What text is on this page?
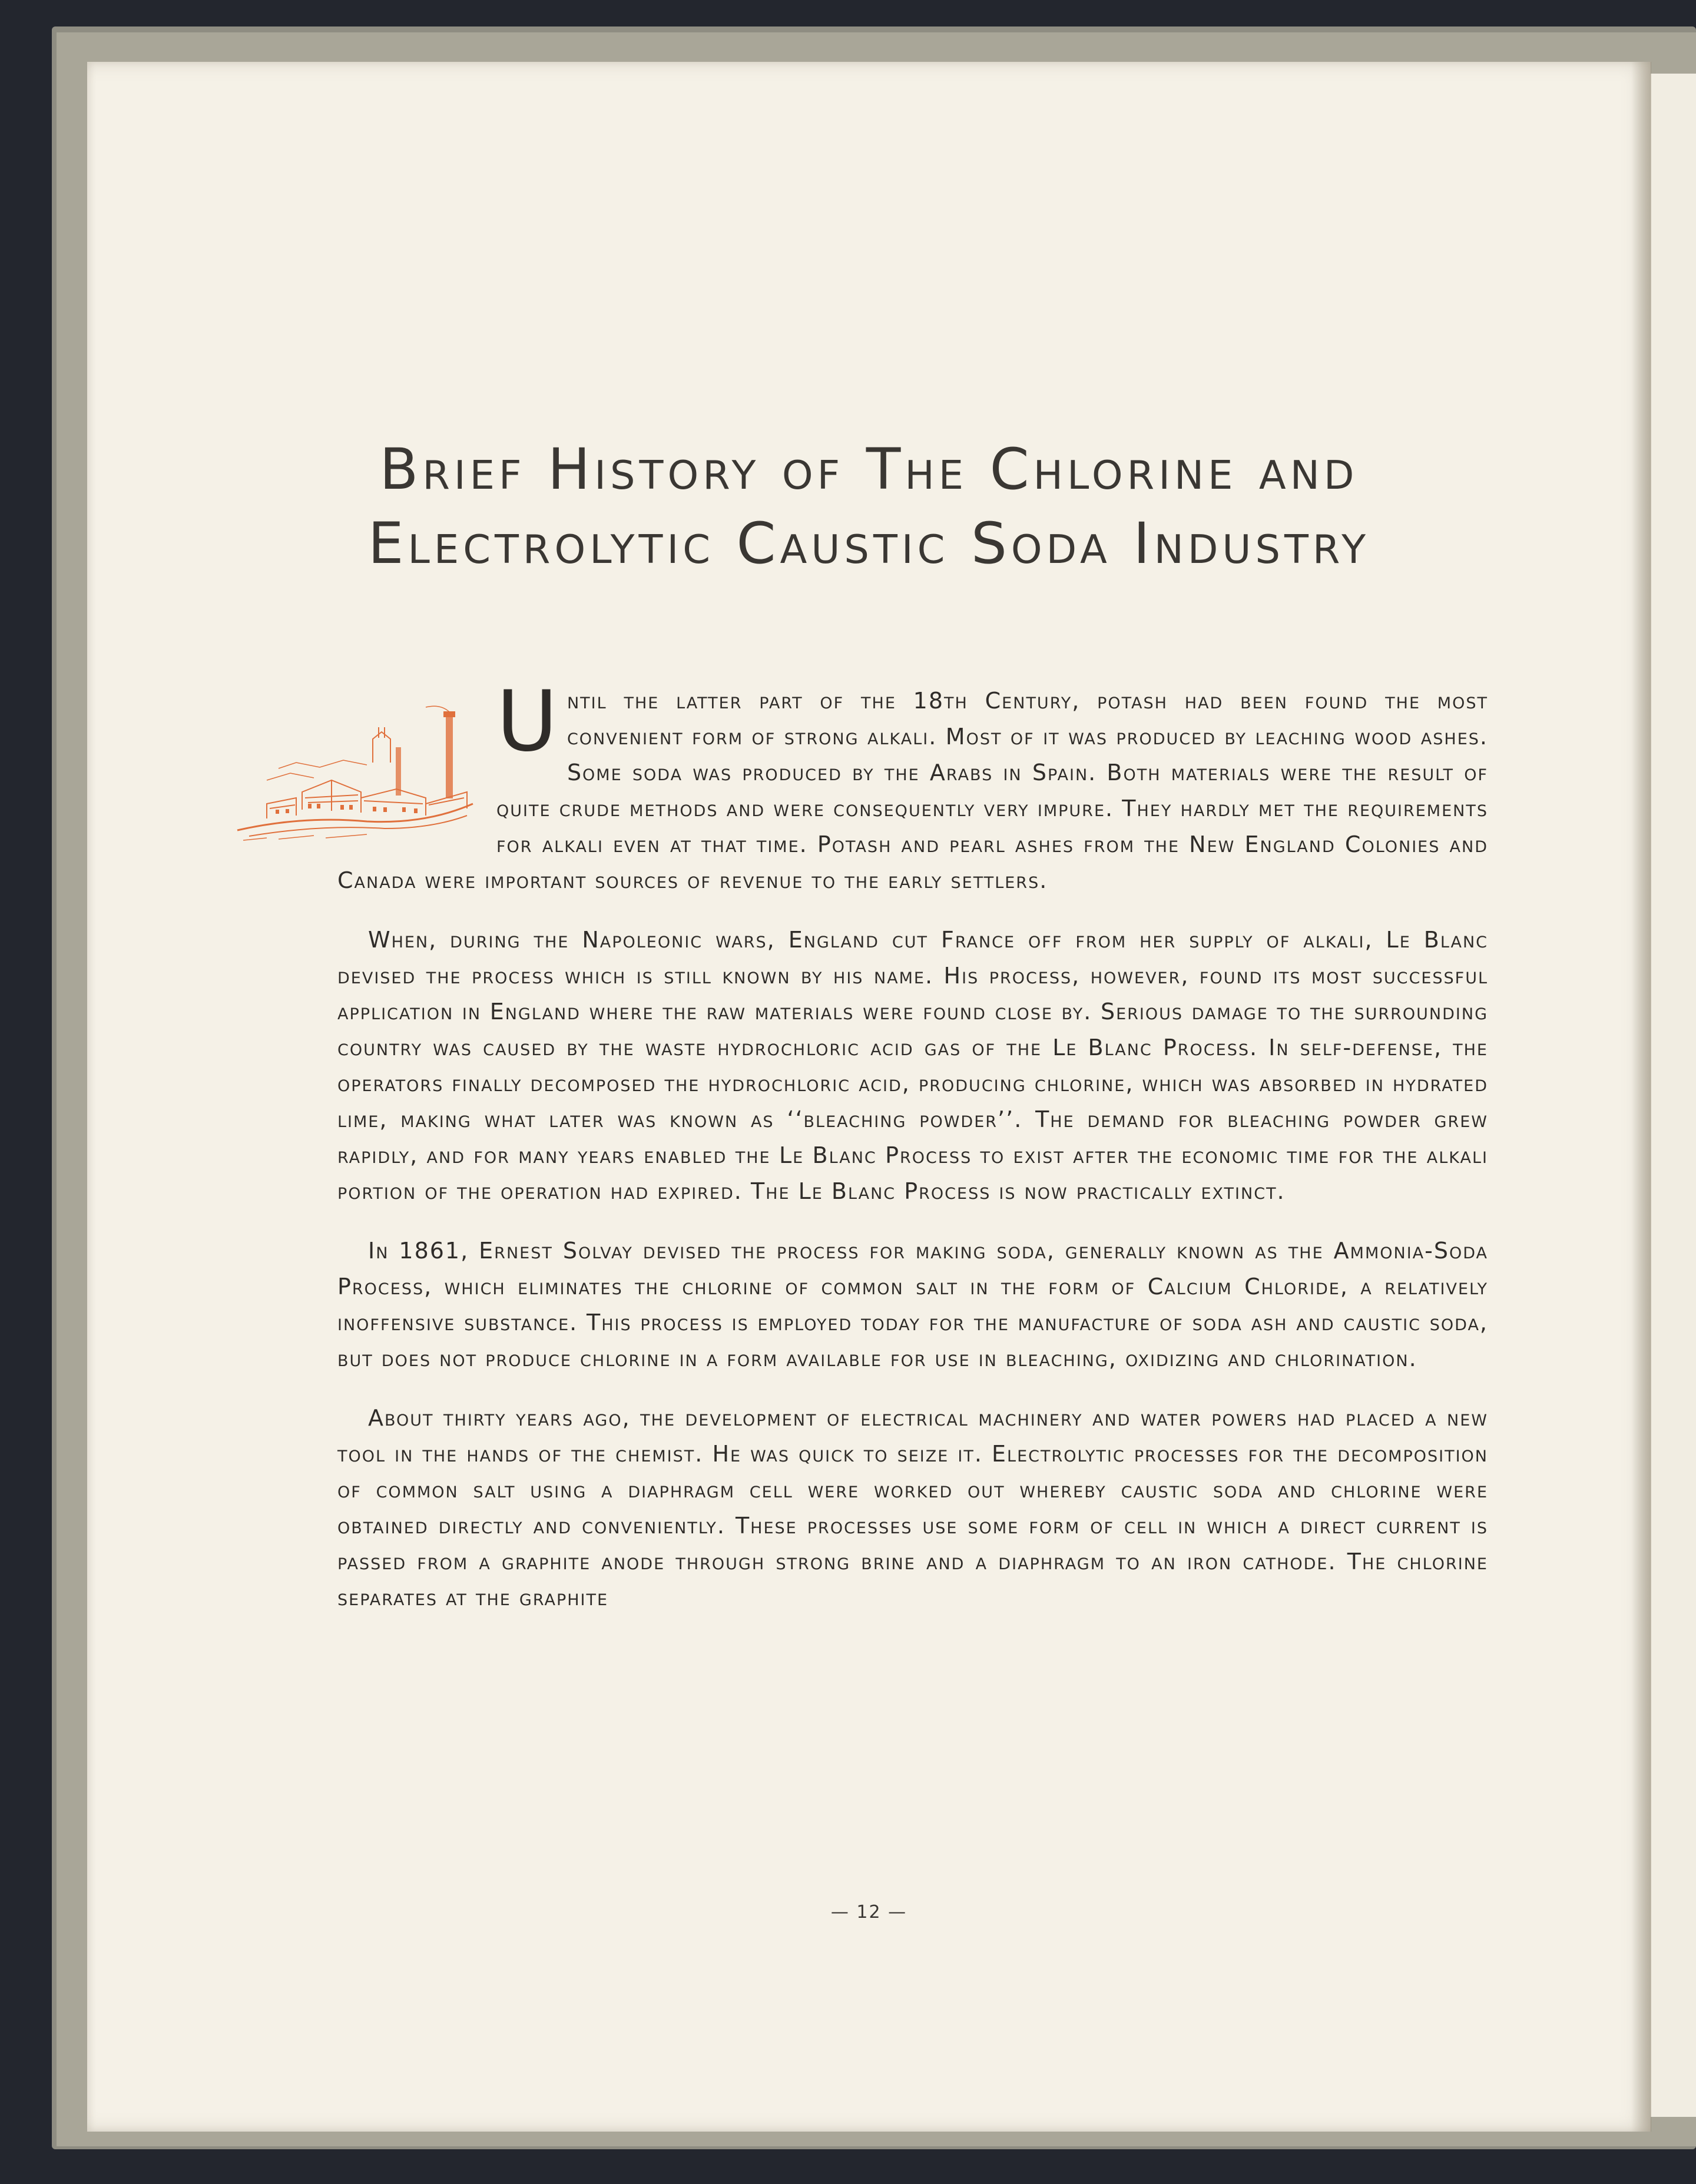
Brief History of The Chlorine and
Electrolytic Caustic Soda Industry
U ntil the latter part of the 18th Century, potash had been found the most convenient form of strong alkali. Most of it was produced by leaching wood ashes. Some soda was produced by the Arabs in Spain. Both materials were the result of quite crude methods and were consequently very impure. They hardly met the requirements for alkali even at that time. Potash and pearl ashes from the New England Colonies and Canada were important sources of revenue to the early settlers.

When, during the Napoleonic wars, England cut France off from her supply of alkali, Le Blanc devised the process which is still known by his name. His process, however, found its most successful application in England where the raw materials were found close by. Serious damage to the surrounding country was caused by the waste hydrochloric acid gas of the Le Blanc Process. In self-defense, the operators finally decomposed the hydrochloric acid, producing chlorine, which was absorbed in hydrated lime, making what later was known as ‘‘bleaching powder’’. The demand for bleaching powder grew rapidly, and for many years enabled the Le Blanc Process to exist after the economic time for the alkali portion of the operation had expired. The Le Blanc Process is now practically extinct.

In 1861, Ernest Solvay devised the process for making soda, generally known as the Ammonia-Soda Process, which eliminates the chlorine of common salt in the form of Calcium Chloride, a relatively inoffensive substance. This process is employed today for the manufacture of soda ash and caustic soda, but does not produce chlorine in a form available for use in bleaching, oxidizing and chlorination.

About thirty years ago, the development of electrical machinery and water powers had placed a new tool in the hands of the chemist. He was quick to seize it. Electrolytic processes for the decomposition of common salt using a diaphragm cell were worked out whereby caustic soda and chlorine were obtained directly and conveniently. These processes use some form of cell in which a direct current is passed from a graphite anode through strong brine and a diaphragm to an iron cathode. The chlorine separates at the graphite

— 12 —
